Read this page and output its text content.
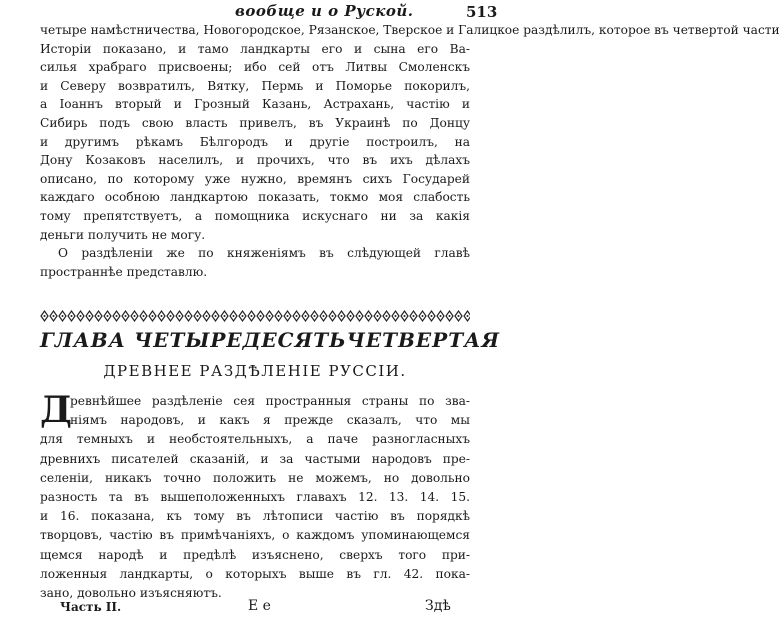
вообще и о Руской.	513
четыре намѣстничества, Новогородское, Рязанское, Тверское и Галицкое раздѣлилъ, которое въ четвертой части
Исторiи показано, и тамо ландкарты его и сына его Ва-
силья храбраго присвоены; ибо сей отъ Литвы Смоленскъ
и Северу возвратилъ, Вятку, Пермь и Поморье покорилъ,
а Iоаннъ вторый и Грозный Казань, Астрахань, частiю и
Сибирь подъ свою власть привелъ, въ Украинѣ по Донцу
и другимъ рѣкамъ Бѣлгородъ и другiе построилъ, на
Дону Козаковъ населилъ, и прочихъ, что въ ихъ дѣлахъ
описано, по которому уже нужно, времянъ сихъ Государей
каждаго особною ландкартою показать, токмо моя слабость
тому препятствуетъ, а помощника искуснаго ни за какiя
деньги получить не могу.
О раздѣленiи же по княженiямъ въ слѣдующей главѣ
пространнѣе представлю.
ГЛАВА ЧЕТЫРЕДЕСЯТЬЧЕТВЕРТАЯ
ДРЕВНЕЕ РАЗДѢЛЕНIЕ РУССIИ.
Д
ревнѣйшее раздѣленiе сея пространныя страны по зва-
нiямъ народовъ, и какъ я прежде сказалъ, что мы
для темныхъ и необстоятельныхъ, а паче разногласныхъ
древнихъ писателей сказанiй, и за частыми народовъ пре-
селенiи, никакъ точно положить не можемъ, но довольно
разность та въ вышеположенныхъ главахъ 12. 13. 14. 15.
и 16. показана, къ тому въ лѣтописи частiю въ порядкѣ
творцовъ, частiю въ примѣчанiяхъ, о каждомъ упоминающемся
щемся народѣ и предѣлѣ изъяснено, сверхъ того при-
ложенныя ландкарты, о которыхъ выше въ гл. 42. пока-
зано, довольно изъясняютъ.
Часть II.	Е е	Здѣ
